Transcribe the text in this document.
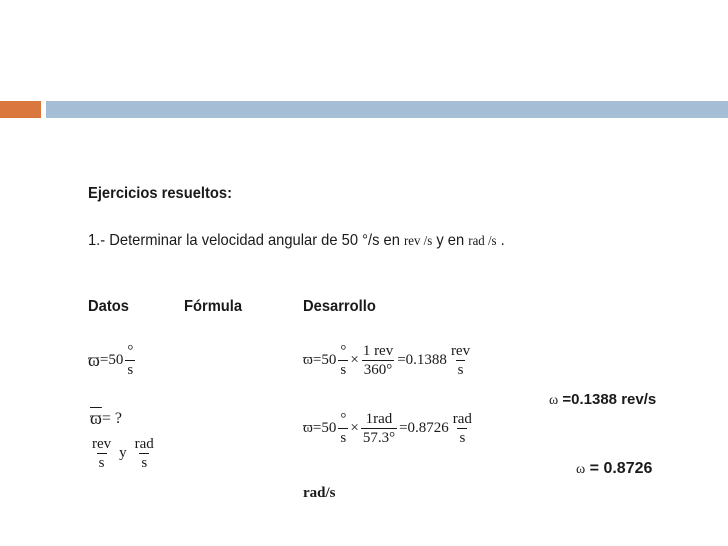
Ejercicios resueltos:
1.- Determinar la velocidad angular de 50 °/s en rev /s y en rad /s .
Datos	Fórmula	Desarrollo
$ϖ = 50 \frac{^\circ}{s}$
$\overline{ϖ}$ = ?
$\frac{\text{rev}}{s}$ y $\frac{\text{rad}}{s}$
$ϖ=50 \frac{^\circ}{s} \times \frac{\text{1 rev}}{360^\circ} =0.1388 \frac{\text{rev}}{s}$
ω =0.1388 rev/s
$ϖ=50 \frac{^\circ}{s} \times \frac{\text{1rad}}{57.3^\circ} =0.8726 \frac{\text{rad}}{s}$
ω = 0.8726
rad/s
